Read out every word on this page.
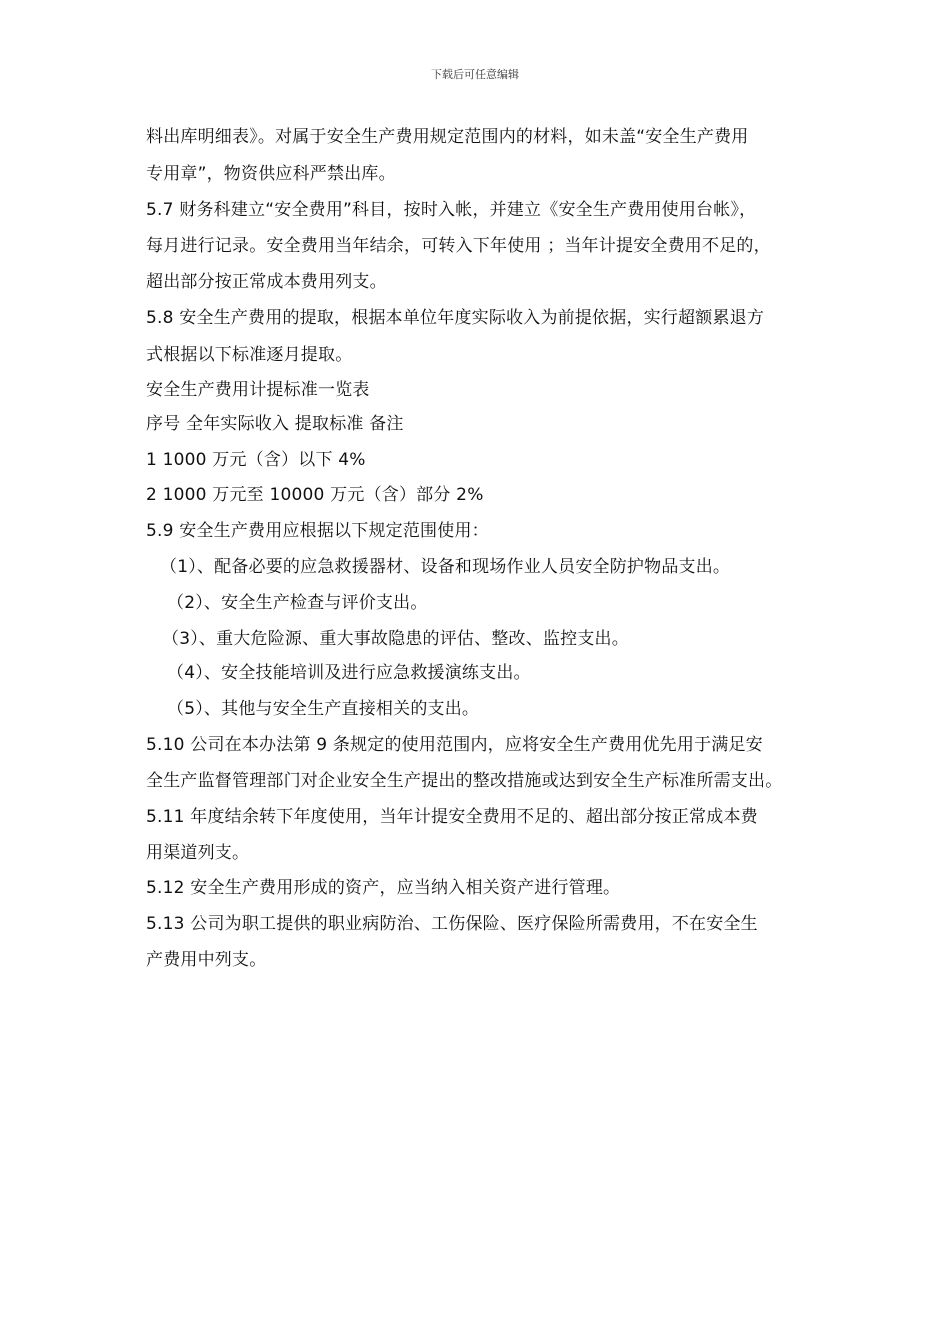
下载后可任意编辑
料出库明细表》。对属于安全生产费用规定范围内的材料，如未盖“安全生产费用
专用章”，物资供应科严禁出库。
5.7 财务科建立“安全费用”科目，按时入帐，并建立《安全生产费用使用台帐》，
每月进行记录。安全费用当年结余，可转入下年使用 ；当年计提安全费用不足的，
超出部分按正常成本费用列支。
5.8 安全生产费用的提取，根据本单位年度实际收入为前提依据，实行超额累退方
式根据以下标准逐月提取。
安全生产费用计提标准一览表
序号 全年实际收入 提取标准 备注
1 1000 万元（含）以下 4%
2 1000 万元至 10000 万元（含）部分 2%
5.9 安全生产费用应根据以下规定范围使用：
（1）、配备必要的应急救援器材、设备和现场作业人员安全防护物品支出。
（2）、安全生产检查与评价支出。
（3）、重大危险源、重大事故隐患的评估、整改、监控支出。
（4）、安全技能培训及进行应急救援演练支出。
（5）、其他与安全生产直接相关的支出。
5.10 公司在本办法第 9 条规定的使用范围内，应将安全生产费用优先用于满足安
全生产监督管理部门对企业安全生产提出的整改措施或达到安全生产标准所需支出。
5.11 年度结余转下年度使用，当年计提安全费用不足的、超出部分按正常成本费
用渠道列支。
5.12 安全生产费用形成的资产，应当纳入相关资产进行管理。
5.13 公司为职工提供的职业病防治、工伤保险、医疗保险所需费用，不在安全生
产费用中列支。
